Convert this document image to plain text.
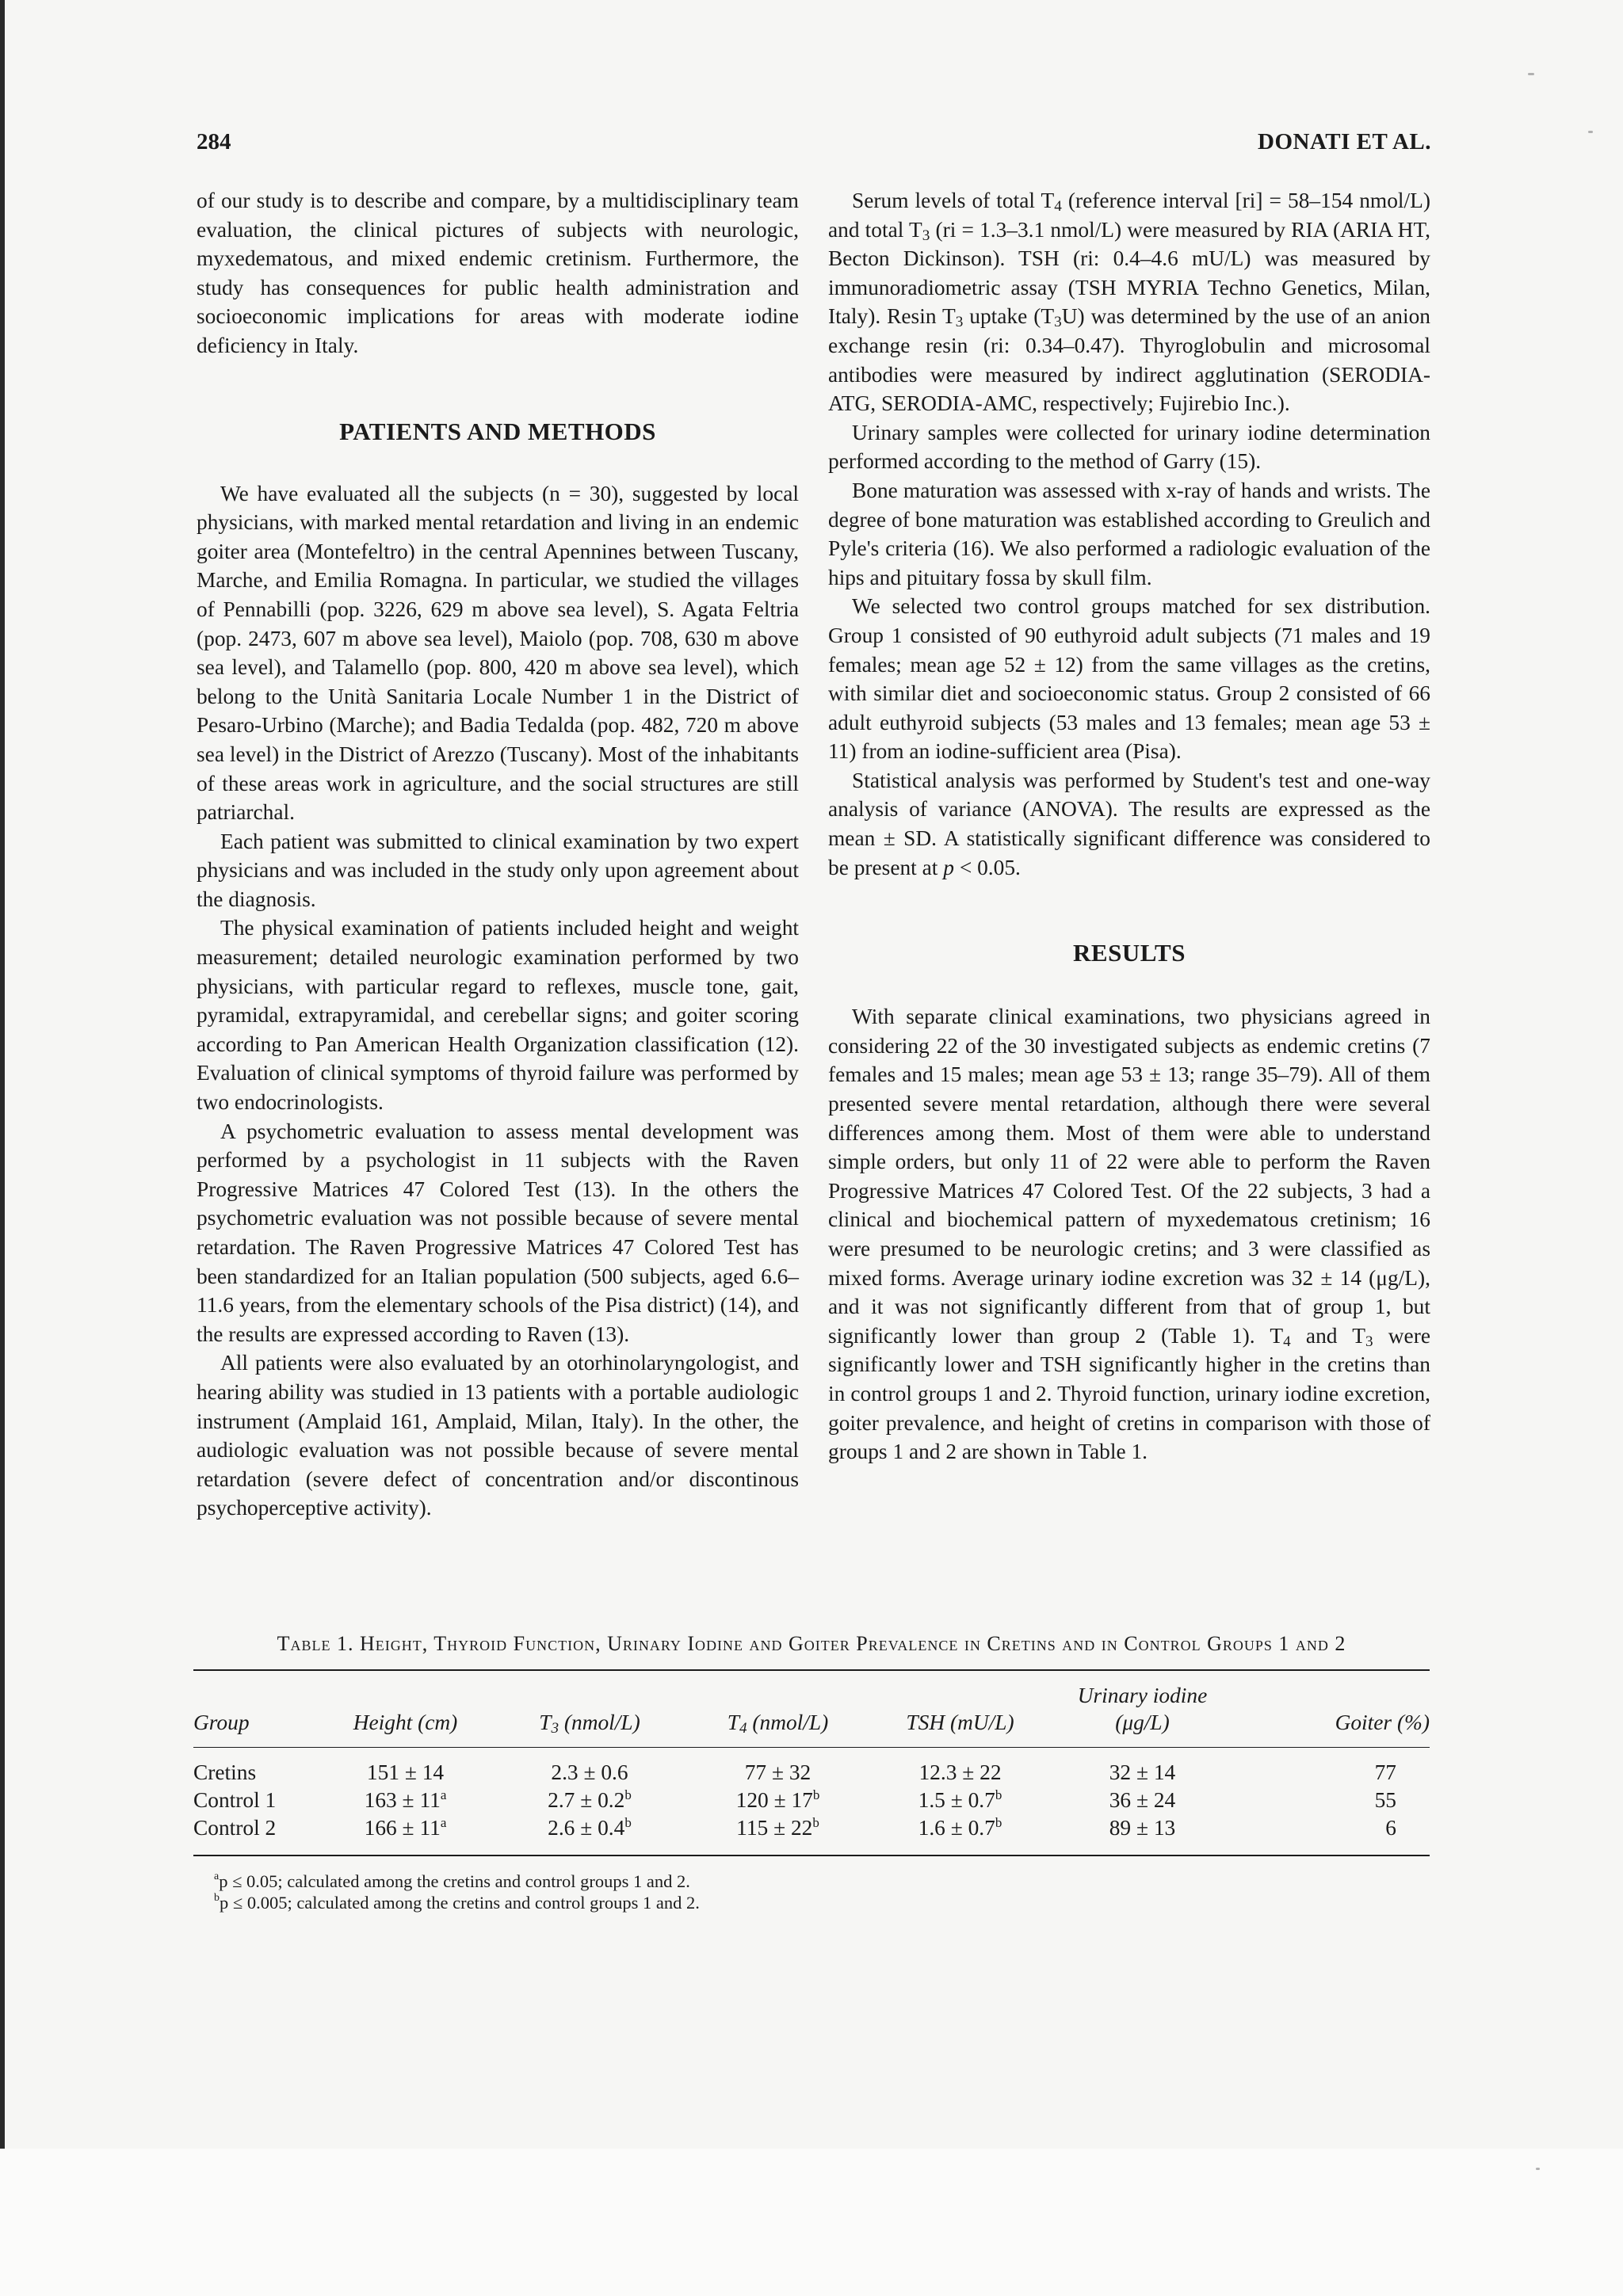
284	DONATI ET AL.

of our study is to describe and compare, by a multidisciplinary team evaluation, the clinical pictures of subjects with neurologic, myxedematous, and mixed endemic cretinism. Furthermore, the study has consequences for public health administration and socioeconomic implications for areas with moderate iodine deficiency in Italy.

PATIENTS AND METHODS

We have evaluated all the subjects (n = 30), suggested by local physicians, with marked mental retardation and living in an endemic goiter area (Montefeltro) in the central Apennines between Tuscany, Marche, and Emilia Romagna. In particular, we studied the villages of Pennabilli (pop. 3226, 629 m above sea level), S. Agata Feltria (pop. 2473, 607 m above sea level), Maiolo (pop. 708, 630 m above sea level), and Talamello (pop. 800, 420 m above sea level), which belong to the Unità Sanitaria Locale Number 1 in the District of Pesaro-Urbino (Marche); and Badia Tedalda (pop. 482, 720 m above sea level) in the District of Arezzo (Tuscany). Most of the inhabitants of these areas work in agriculture, and the social structures are still patriarchal.

Each patient was submitted to clinical examination by two expert physicians and was included in the study only upon agreement about the diagnosis.

The physical examination of patients included height and weight measurement; detailed neurologic examination performed by two physicians, with particular regard to reflexes, muscle tone, gait, pyramidal, extrapyramidal, and cerebellar signs; and goiter scoring according to Pan American Health Organization classification (12). Evaluation of clinical symptoms of thyroid failure was performed by two endocrinologists.

A psychometric evaluation to assess mental development was performed by a psychologist in 11 subjects with the Raven Progressive Matrices 47 Colored Test (13). In the others the psychometric evaluation was not possible because of severe mental retardation. The Raven Progressive Matrices 47 Colored Test has been standardized for an Italian population (500 subjects, aged 6.6–11.6 years, from the elementary schools of the Pisa district) (14), and the results are expressed according to Raven (13).

All patients were also evaluated by an otorhinolaryngologist, and hearing ability was studied in 13 patients with a portable audiologic instrument (Amplaid 161, Amplaid, Milan, Italy). In the other, the audiologic evaluation was not possible because of severe mental retardation (severe defect of concentration and/or discontinous psychoperceptive activity).

Serum levels of total $T_4$ (reference interval [ri] = 58–154 nmol/L) and total $T_3$ (ri = 1.3–3.1 nmol/L) were measured by RIA (ARIA HT, Becton Dickinson). TSH (ri: 0.4–4.6 mU/L) was measured by immunoradiometric assay (TSH MYRIA Techno Genetics, Milan, Italy). Resin $T_3$ uptake $(T_3U)$ was determined by the use of an anion exchange resin (ri: 0.34–0.47). Thyroglobulin and microsomal antibodies were measured by indirect agglutination (SERODIA-ATG, SERODIA-AMC, respectively; Fujirebio Inc.).

Urinary samples were collected for urinary iodine determination performed according to the method of Garry (15).

Bone maturation was assessed with x-ray of hands and wrists. The degree of bone maturation was established according to Greulich and Pyle's criteria (16). We also performed a radiologic evaluation of the hips and pituitary fossa by skull film.

We selected two control groups matched for sex distribution. Group 1 consisted of 90 euthyroid adult subjects (71 males and 19 females; mean age 52 ± 12) from the same villages as the cretins, with similar diet and socioeconomic status. Group 2 consisted of 66 adult euthyroid subjects (53 males and 13 females; mean age 53 ± 11) from an iodine-sufficient area (Pisa).

Statistical analysis was performed by Student's test and one-way analysis of variance (ANOVA). The results are expressed as the mean ± SD. A statistically significant difference was considered to be present at p < 0.05.

RESULTS

With separate clinical examinations, two physicians agreed in considering 22 of the 30 investigated subjects as endemic cretins (7 females and 15 males; mean age 53 ± 13; range 35–79). All of them presented severe mental retardation, although there were several differences among them. Most of them were able to understand simple orders, but only 11 of 22 were able to perform the Raven Progressive Matrices 47 Colored Test. Of the 22 subjects, 3 had a clinical and biochemical pattern of myxedematous cretinism; 16 were presumed to be neurologic cretins; and 3 were classified as mixed forms. Average urinary iodine excretion was 32 ± 14 (μg/L), and it was not significantly different from that of group 1, but significantly lower than group 2 (Table 1). $T_4$ and $T_3$ were significantly lower and TSH significantly higher in the cretins than in control groups 1 and 2. Thyroid function, urinary iodine excretion, goiter prevalence, and height of cretins in comparison with those of groups 1 and 2 are shown in Table 1.

Table 1. Height, Thyroid Function, Urinary Iodine and Goiter Prevalence in Cretins and in Control Groups 1 and 2
Group	Height (cm)	$T_3$ (nmol/L)	$T_4$ (nmol/L)	TSH (mU/L)	Urinary iodine
(μg/L)	Goiter (%)
Cretins	151 ± 14	2.3 ± 0.6	77 ± 32	12.3 ± 22	32 ± 14	77
Control 1	$163 \pm 11^a$	2.7 ± 0.2$^b$	$120 \pm 17^b$	1.5 ± 0.7$^b$	36 ± 24	55
Control 2	$166 \pm 11^a$	2.6 ± 0.4$^b$	$115 \pm 22^b$	1.6 ± 0.7$^b$	89 ± 13	6
$^a$p ≤ 0.05; calculated among the cretins and control groups 1 and 2.
$^b$p ≤ 0.005; calculated among the cretins and control groups 1 and 2.
